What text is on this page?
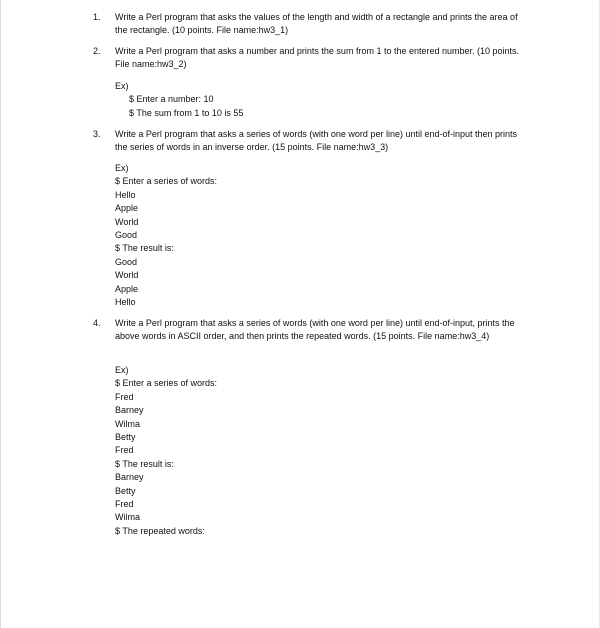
1.	Write a Perl program that asks the values of the length and width of a rectangle and prints the area of the rectangle. (10 points. File name:hw3_1)
2.	Write a Perl program that asks a number and prints the sum from 1 to the entered number. (10 points. File name:hw3_2)
Ex)
$ Enter a number: 10
$ The sum from 1 to 10 is 55
3.	Write a Perl program that asks a series of words (with one word per line) until end-of-input then prints the series of words in an inverse order. (15 points. File name:hw3_3)
Ex)
$ Enter a series of words:
Hello
Apple
World
Good
$ The result is:
Good
World
Apple
Hello
4.	Write a Perl program that asks a series of words (with one word per line) until end-of-input, prints the above words in ASCII order, and then prints the repeated words. (15 points. File name:hw3_4)
Ex)
$ Enter a series of words:
Fred
Barney
Wilma
Betty
Fred
$ The result is:
Barney
Betty
Fred
Wilma
$ The repeated words:
